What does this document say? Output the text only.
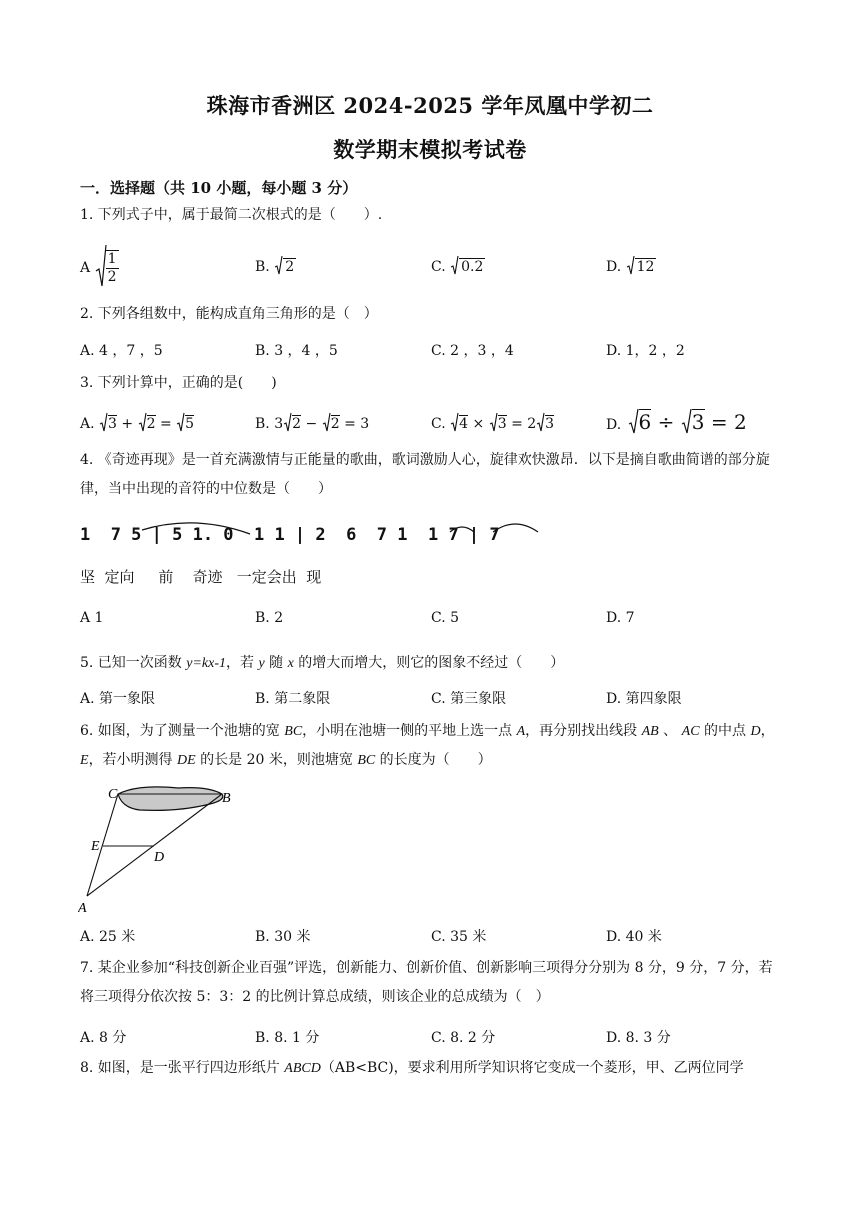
珠海市香洲区 2024-2025 学年凤凰中学初二
数学期末模拟考试卷
一．选择题（共 10 小题，每小题 3 分）
1. 下列式子中，属于最简二次根式的是（　　）.
A $\frac{1}{2}$	B. 2	C. 0.2	D. 12
2. 下列各组数中，能构成直角三角形的是（　）
A. 4 ，7 ，5	B. 3 ，4 ，5	C. 2 ，3 ，4	D. 1，2 ，2
3. 下列计算中，正确的是(　　)
A. 3 + 2 = 5	B. 3 2 − 2 = 3	C. 4 × 3 = 2 3	D. 6 ÷ 3 = 2
4. 《奇迹再现》是一首充满激情与正能量的歌曲，歌词激励人心，旋律欢快激昂．以下是摘自歌曲简谱的部分旋律，当中出现的音符的中位数是（　　）
1  7 5 | 5 1. 0  1 1 | 2  6  7 1  1 7 | 7
坚  定向     前    奇迹   一定会出  现
A 1	B. 2	C. 5	D. 7
5. 已知一次函数 y=kx-1，若 y 随 x 的增大而增大，则它的图象不经过（　　）
A. 第一象限	B. 第二象限	C. 第三象限	D. 第四象限
6. 如图，为了测量一个池塘的宽 BC，小明在池塘一侧的平地上选一点 A，再分别找出线段 AB 、 AC 的中点 D，E，若小明测得 DE 的长是 20 米，则池塘宽 BC 的长度为（　　）
C	B
E
D
A
A. 25 米	B. 30 米	C. 35 米	D. 40 米
7. 某企业参加“科技创新企业百强”评选，创新能力、创新价值、创新影响三项得分分别为 8 分，9 分，7 分，若将三项得分依次按 5：3：2 的比例计算总成绩，则该企业的总成绩为（　）
A. 8 分	B. 8. 1 分	C. 8. 2 分	D. 8. 3 分
8. 如图，是一张平行四边形纸片 ABCD（AB<BC)，要求利用所学知识将它变成一个菱形，甲、乙两位同学
